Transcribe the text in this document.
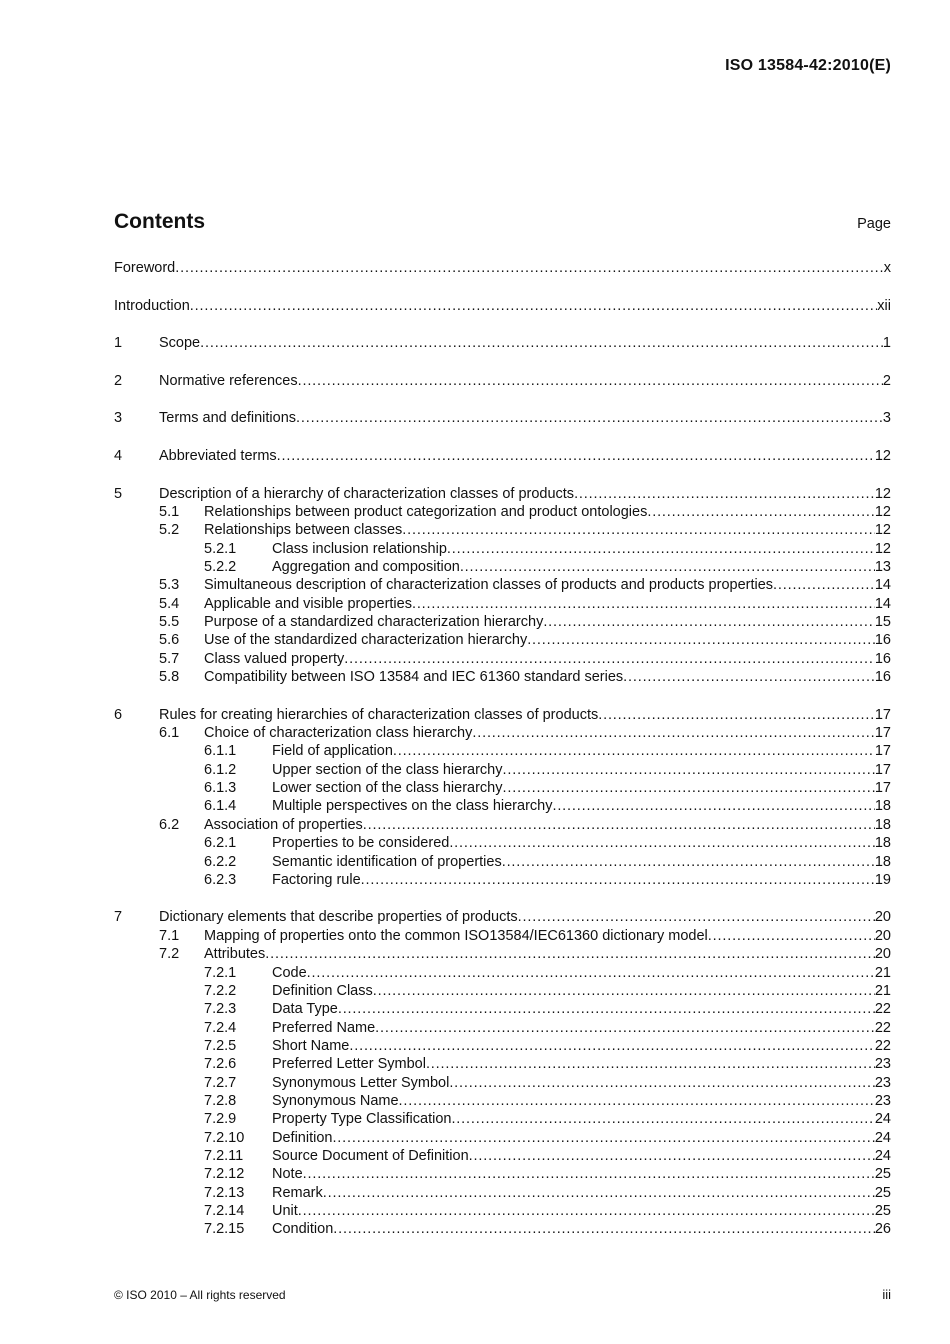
ISO 13584-42:2010(E)
Contents	Page
Foreword . . .	x
Introduction . . .	xii
1	Scope . . .	1
2	Normative references . . .	2
3	Terms and definitions . . .	3
4	Abbreviated terms . . .	12
5	Description of a hierarchy of characterization classes of products . . .	12
5.1	Relationships between product categorization and product ontologies . . .	12
5.2	Relationships between classes . . .	12
5.2.1	Class inclusion relationship . . .	12
5.2.2	Aggregation and composition . . .	13
5.3	Simultaneous description of characterization classes of products and products properties . . .	14
5.4	Applicable and visible properties . . .	14
5.5	Purpose of a standardized characterization hierarchy . . .	15
5.6	Use of the standardized characterization hierarchy . . .	16
5.7	Class valued property . . .	16
5.8	Compatibility between ISO 13584 and IEC 61360 standard series . . .	16
6	Rules for creating hierarchies of characterization classes of products . . .	17
6.1	Choice of characterization class hierarchy . . .	17
6.1.1	Field of application . . .	17
6.1.2	Upper section of the class hierarchy . . .	17
6.1.3	Lower section of the class hierarchy . . .	17
6.1.4	Multiple perspectives on the class hierarchy . . .	18
6.2	Association of properties . . .	18
6.2.1	Properties to be considered . . .	18
6.2.2	Semantic identification of properties . . .	18
6.2.3	Factoring rule . . .	19
7	Dictionary elements that describe properties of products . . .	20
7.1	Mapping of properties onto the common ISO13584/IEC61360 dictionary model . . .	20
7.2	Attributes . . .	20
7.2.1	Code . . .	21
7.2.2	Definition Class . . .	21
7.2.3	Data Type . . .	22
7.2.4	Preferred Name . . .	22
7.2.5	Short Name . . .	22
7.2.6	Preferred Letter Symbol . . .	23
7.2.7	Synonymous Letter Symbol . . .	23
7.2.8	Synonymous Name . . .	23
7.2.9	Property Type Classification . . .	24
7.2.10	Definition . . .	24
7.2.11	Source Document of Definition . . .	24
7.2.12	Note . . .	25
7.2.13	Remark . . .	25
7.2.14	Unit . . .	25
7.2.15	Condition . . .	26
© ISO 2010 – All rights reserved	iii
